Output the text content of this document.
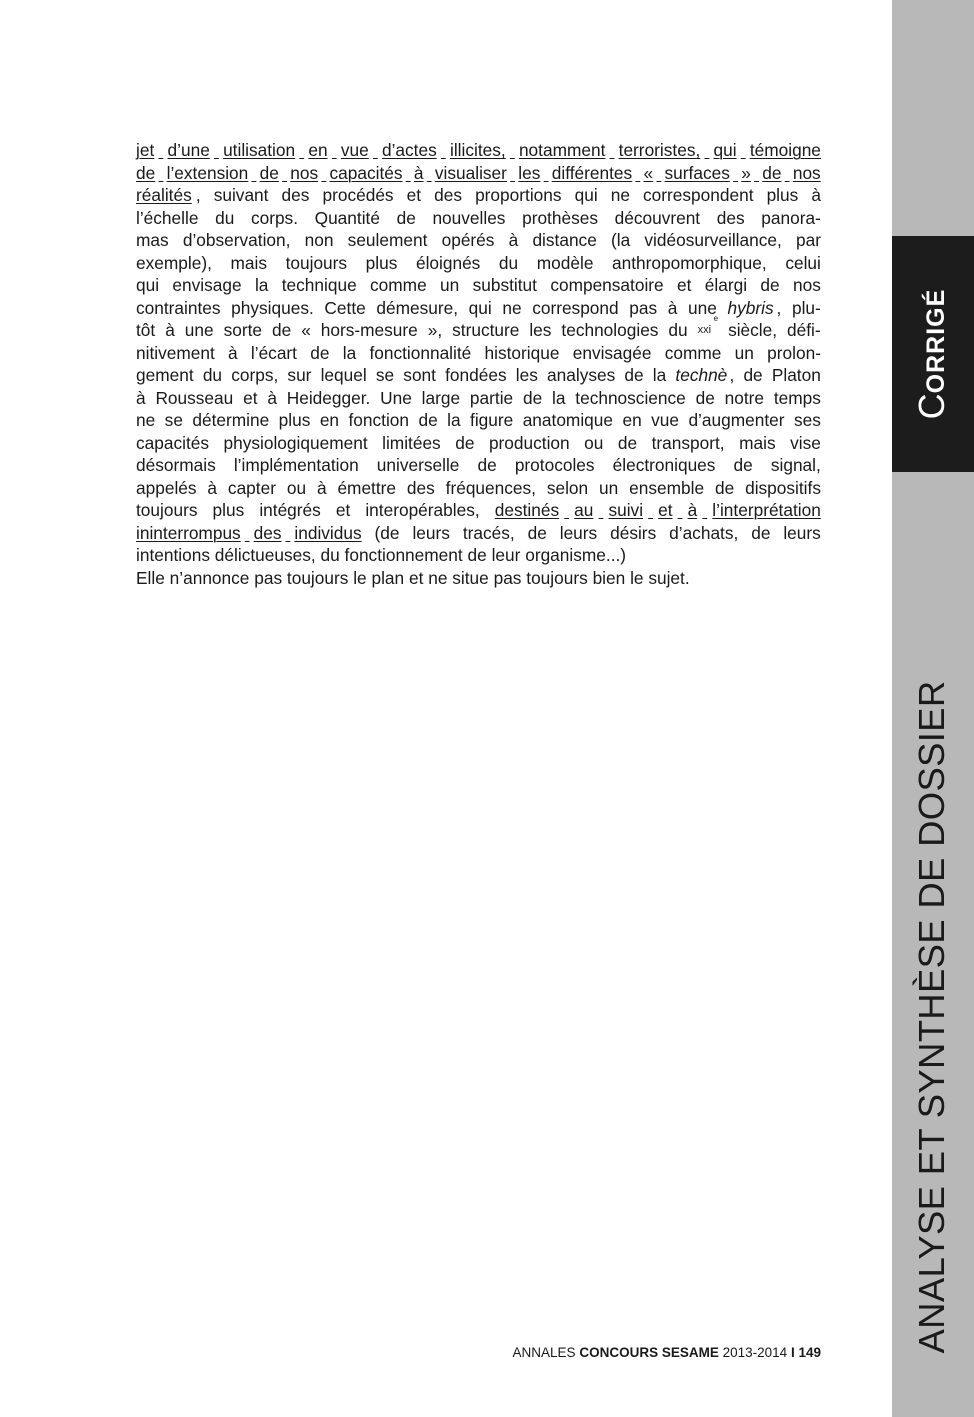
jet
d’une
utilisation
en
vue
d’actes
illicites,
notamment
terroristes,
qui
témoigne
de
l’extension
de
nos
capacités
à
visualiser
les
différentes
«
surfaces
»
de
nos
réalités ,
suivant
des
procédés
et
des
proportions
qui
ne
correspondent
plus
à
l’échelle
du
corps.
Quantité
de
nouvelles
prothèses
découvrent
des
panora-
mas
d’observation,
non
seulement
opérés
à
distance
(la
vidéosurveillance,
par
exemple),
mais
toujours
plus
éloignés
du
modèle
anthropomorphique,
celui
qui
envisage
la
technique
comme
un
substitut
compensatoire
et
élargi
de
nos
contraintes
physiques.
Cette
démesure,
qui
ne
correspond
pas
à
une
hybris ,
plu-
tôt
à
une
sorte
de
«
hors-mesure
»,
structure
les
technologies
du
xxi
e

siècle,
défi-
nitivement
à
l’écart
de
la
fonctionnalité
historique
envisagée
comme
un
prolon-
gement
du
corps,
sur
lequel
se
sont
fondées
les
analyses
de
la
technè ,
de
Platon
à
Rousseau
et
à
Heidegger.
Une
large
partie
de
la
technoscience
de
notre
temps
ne
se
détermine
plus
en
fonction
de
la
figure
anatomique
en
vue
d’augmenter
ses
capacités
physiologiquement
limitées
de
production
ou
de
transport,
mais
vise
désormais
l’implémentation
universelle
de
protocoles
électroniques
de
signal,
appelés
à
capter
ou
à
émettre
des
fréquences,
selon
un
ensemble
de
dispositifs
toujours
plus
intégrés
et
interopérables,
destinés
au
suivi
et
à
l’interprétation
ininterrompus
des
individus
(de
leurs
tracés,
de
leurs
désirs
d’achats,
de
leurs
intentions
délictueuses,
du
fonctionnement
de
leur
organisme...)
Elle
n’annonce
pas
toujours
le
plan
et
ne
situe
pas
toujours
bien
le
sujet.
CORRIGÉ
ANALYSE ET SYNTHÈSE DE DOSSIER
ANNALES CONCOURS SESAME 2013-2014 I 149
